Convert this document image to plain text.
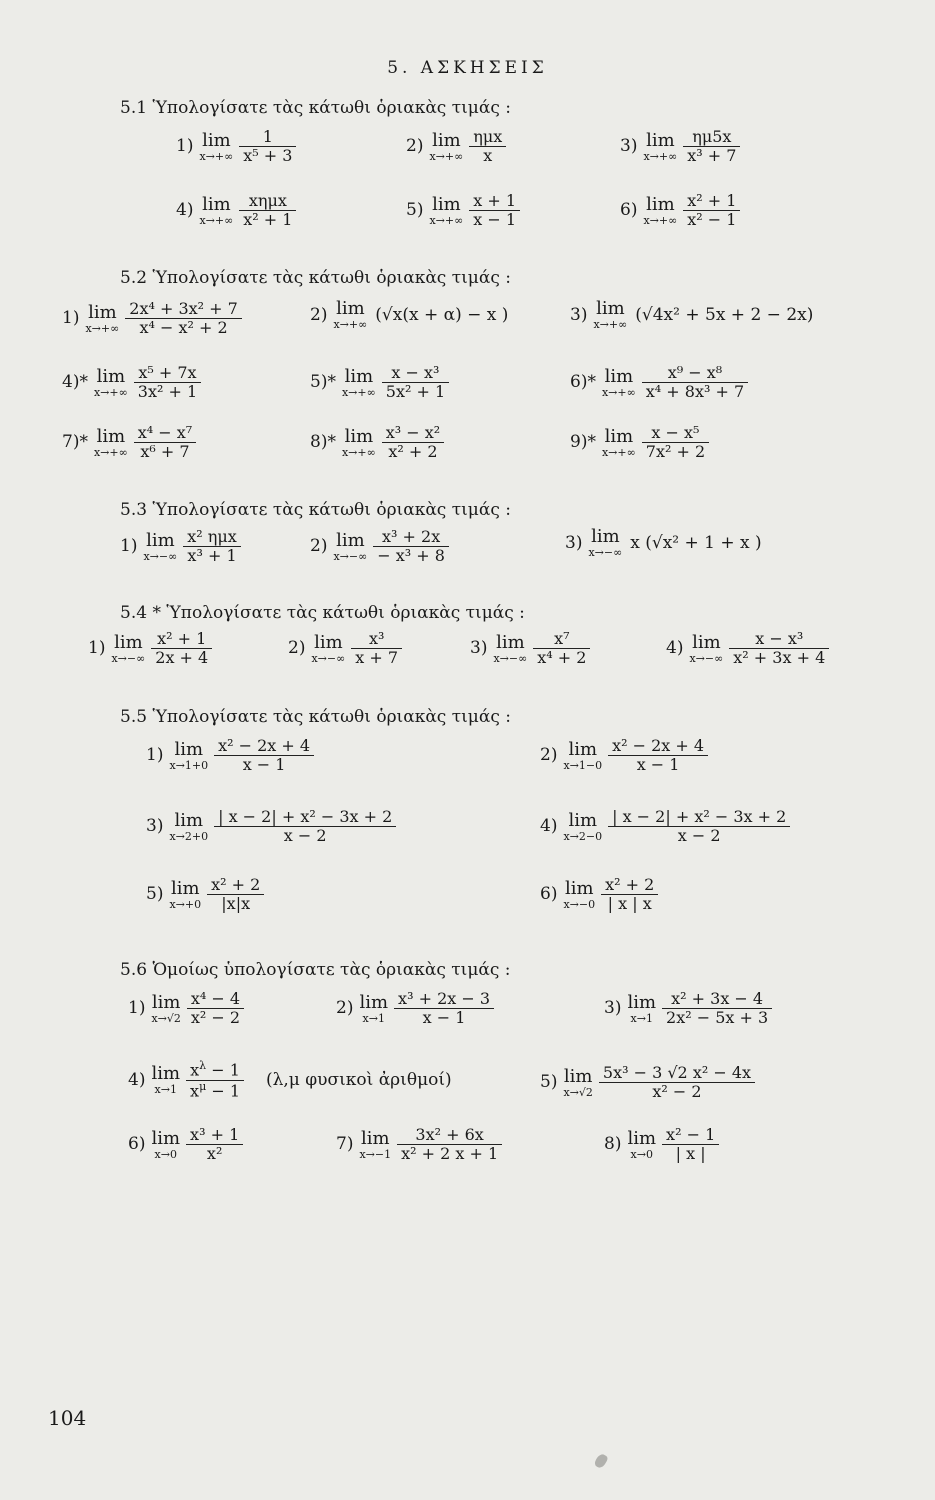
5. ΑΣΚΗΣΕΙΣ
5.1 Ὑπολογίσατε τὰς κάτωθι ὁριακὰς τιμάς :
1) lim
$x\to+\infty \frac{1}{\text{x⁵ + 3}}$	2) lim
$x\to+\infty \frac{\text{ημx}}{x}$	3) lim
$x\to+\infty \frac{\eta\mu 5x}{\text{x³ + 7}}$
4) lim
$x\to+\infty \frac{\text{xημx}}{\text{x² + 1}}$	5) lim
$x\to+\infty \frac{x + 1}{x - 1}$	6) lim
$x\to+\infty \frac{\text{x² + 1}}{\text{x² − 1}}$
5.2 Ὑπολογίσατε τὰς κάτωθι ὁριακὰς τιμάς :
1) lim
$x\to+\infty \frac{\text{2x⁴ + 3x² + 7}}{\text{x⁴ − x² + 2}}$	2) lim
x→+∞ (√x(x + α) − x )	3) lim
x→+∞ (√4x² + 5x + 2 − 2x)
4)* lim
$x\to+\infty \frac{\text{x⁵ + 7x}}{\text{3x² + 1}}$	5)* lim
$x\to+\infty \frac{\text{x − x³}}{\text{5x² + 1}}$	6)* lim
$x\to+\infty \frac{\text{x⁹ − x⁸}}{\text{x⁴ + 8x³ + 7}}$
7)* lim
$x\to+\infty \frac{\text{x⁴ − x⁷}}{\text{x⁶ + 7}}$	8)* lim
$x\to+\infty \frac{\text{x³ − x²}}{\text{x² + 2}}$	9)* lim
$x\to+\infty \frac{\text{x − x⁵}}{\text{7x² + 2}}$
5.3 Ὑπολογίσατε τὰς κάτωθι ὁριακὰς τιμάς :
1) lim
$x\to-\infty \frac{\text{x² ημx}}{\text{x³ + 1}}$	2) lim
$x\to-\infty \frac{\text{x³ + 2x}}{\text{− x³ + 8}}$	3) lim
x→−∞ x (√x² + 1 + x )
5.4 * Ὑπολογίσατε τὰς κάτωθι ὁριακὰς τιμάς :
1) lim
$x\to-\infty \frac{\text{x² + 1}}{2x + 4}$	2) lim
$x\to-\infty \frac{\text{x³}}{x + 7}$	3) lim
$x\to-\infty \frac{\text{x⁷}}{\text{x⁴ + 2}}$	4) lim
$x\to-\infty \frac{\text{x − x³}}{\text{x² + 3x + 4}}$
5.5 Ὑπολογίσατε τὰς κάτωθι ὁριακὰς τιμάς :
1) lim
$x\to 1+0 \frac{\text{x² − 2x + 4}}{x - 1}$	2) lim
$x\to 1-0 \frac{\text{x² − 2x + 4}}{x - 1}$
3) lim
$x\to 2+0 \frac{\text{| x − 2| + x² − 3x + 2}}{x - 2}$	4) lim
$x\to 2-0 \frac{\text{| x − 2| + x² − 3x + 2}}{x - 2}$
5) lim
$x\to+0 \frac{\text{x² + 2}}{|x|x}$	6) lim
$x\to-0 \frac{\text{x² + 2}}{| x | x}$
5.6 Ὁμοίως ὑπολογίσατε τὰς ὁριακὰς τιμάς :
1) lim
$x\to√2 \frac{\text{x⁴ − 4}}{\text{x² − 2}}$	2) lim
$x\to 1 \frac{\text{x³ + 2x − 3}}{x - 1}$	3) lim
$x\to 1 \frac{\text{x² + 3x − 4}}{\text{2x² − 5x + 3}}$
4) lim
$x\to 1 \frac{x^\lambda - 1}{x^\mu - 1} (\lambda,\mu$ φυσικοὶ ἀριθμοί)	5) lim
$x\to√2 \frac{\text{5x³ − 3 √2 x² − 4x}}{\text{x² − 2}}$
6) lim
$x\to 0 \frac{\text{x³ + 1}}{\text{x²}}$	7) lim
$x\to-1 \frac{\text{3x² + 6x}}{\text{x² + 2 x + 1}}$	8) lim
$x\to 0 \frac{\text{x² − 1}}{| x |}$
104
